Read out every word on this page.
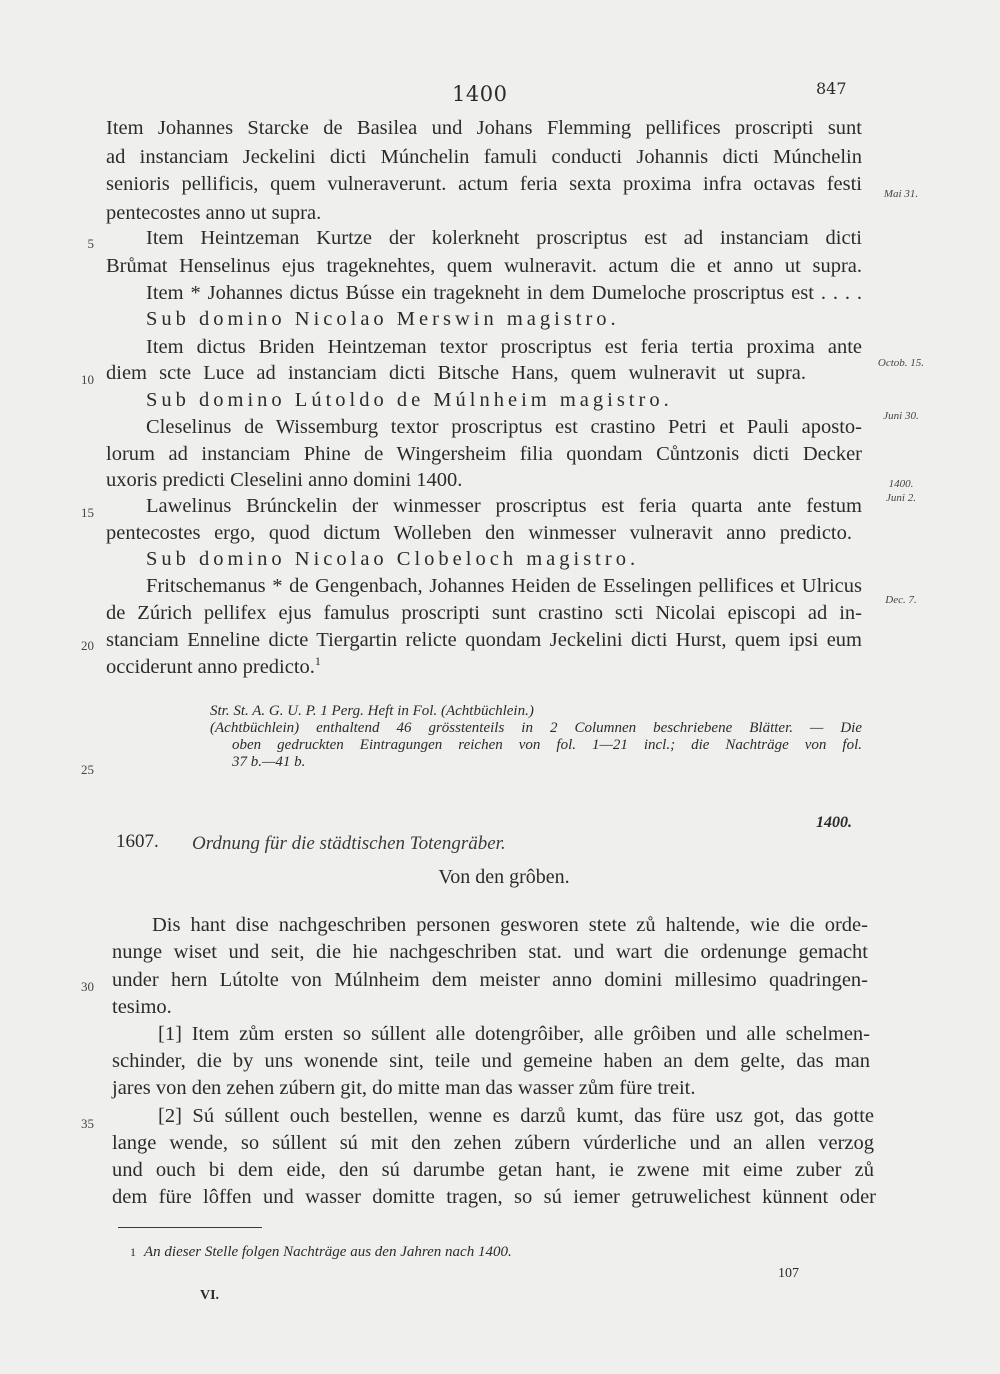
1400	847
Item Johannes Starcke de Basilea und Johans Flemming pellifices proscripti sunt
ad instanciam Jeckelini dicti Múnchelin famuli conducti Johannis dicti Múnchelin
senioris pellificis, quem vulneraverunt. actum feria sexta proxima infra octavas festi
pentecostes anno ut supra.
Item Heintzeman Kurtze der kolerkneht proscriptus est ad instanciam dicti
Brůmat Henselinus ejus trageknehtes, quem wulneravit. actum die et anno ut supra.
Item * Johannes dictus Bússe ein tragekneht in dem Dumeloche proscriptus est . . . .
Sub domino Nicolao Merswin magistro.
Item dictus Briden Heintzeman textor proscriptus est feria tertia proxima ante
diem scte Luce ad instanciam dicti Bitsche Hans, quem wulneravit ut supra.
Sub domino Lútoldo de Múlnheim magistro.
Cleselinus de Wissemburg textor proscriptus est crastino Petri et Pauli aposto-
lorum ad instanciam Phine de Wingersheim filia quondam Cůntzonis dicti Decker
uxoris predicti Cleselini anno domini 1400.
Lawelinus Brúnckelin der winmesser proscriptus est feria quarta ante festum
pentecostes ergo, quod dictum Wolleben den winmesser vulneravit anno predicto.
Sub domino Nicolao Clobeloch magistro.
Fritschemanus * de Gengenbach, Johannes Heiden de Esselingen pellifices et Ulricus
de Zúrich pellifex ejus famulus proscripti sunt crastino scti Nicolai episcopi ad in-
stanciam Enneline dicte Tiergartin relicte quondam Jeckelini dicti Hurst, quem ipsi eum
occiderunt anno predicto.$^1$
5
10
15
20
25
30
35
Mai 31.
Octob. 15.
Juni 30.
1400.
Juni 2.
Dec. 7.
Str. St. A. G. U. P. 1 Perg. Heft in Fol. (Achtbüchlein.)
(Achtbüchlein) enthaltend 46 grösstenteils in 2 Columnen beschriebene Blätter. — Die
oben gedruckten Eintragungen reichen von fol. 1—21 incl.; die Nachträge von fol.
37 b.—41 b.
1607. Ordnung für die städtischen Totengräber.
1400.
Von den grôben.
Dis hant dise nachgeschriben personen gesworen stete zů haltende, wie die orde-
nunge wiset und seit, die hie nachgeschriben stat. und wart die ordenunge gemacht
under hern Lútolte von Múlnheim dem meister anno domini millesimo quadringen-
tesimo.
[1] Item zům ersten so súllent alle dotengrôiber, alle grôiben und alle schelmen-
schinder, die by uns wonende sint, teile und gemeine haben an dem gelte, das man
jares von den zehen zúbern git, do mitte man das wasser zům füre treit.
[2] Sú súllent ouch bestellen, wenne es darzů kumt, das füre usz got, das gotte
lange wende, so súllent sú mit den zehen zúbern vúrderliche und an allen verzog
und ouch bi dem eide, den sú darumbe getan hant, ie zwene mit eime zuber zů
dem füre lôffen und wasser domitte tragen, so sú iemer getruwelichest künnent oder
1 An dieser Stelle folgen Nachträge aus den Jahren nach 1400.
107
VI.
